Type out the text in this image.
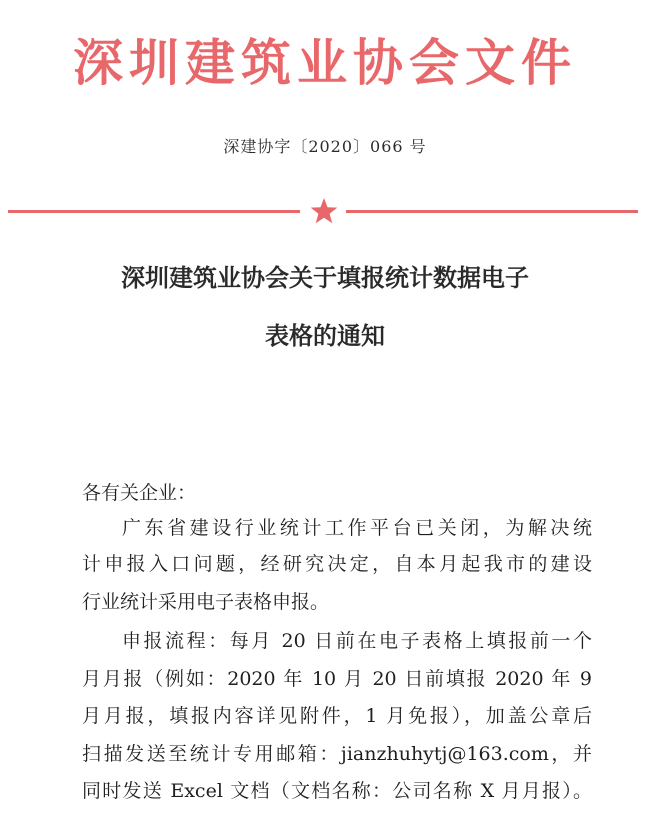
深圳建筑业协会文件
深建协字〔2020〕066 号
深圳建筑业协会关于填报统计数据电子
表格的通知
各有关企业：
广东省建设行业统计工作平台已关闭，为解决统
计申报入口问题，经研究决定，自本月起我市的建设
行业统计采用电子表格申报。
申报流程：每月 20 日前在电子表格上填报前一个
月月报（例如：2020 年 10 月 20 日前填报 2020 年 9
月月报，填报内容详见附件，1 月免报），加盖公章后
扫描发送至统计专用邮箱：jianzhuhytj@163.com，并
同时发送 Excel 文档（文档名称：公司名称 X 月月报）。
